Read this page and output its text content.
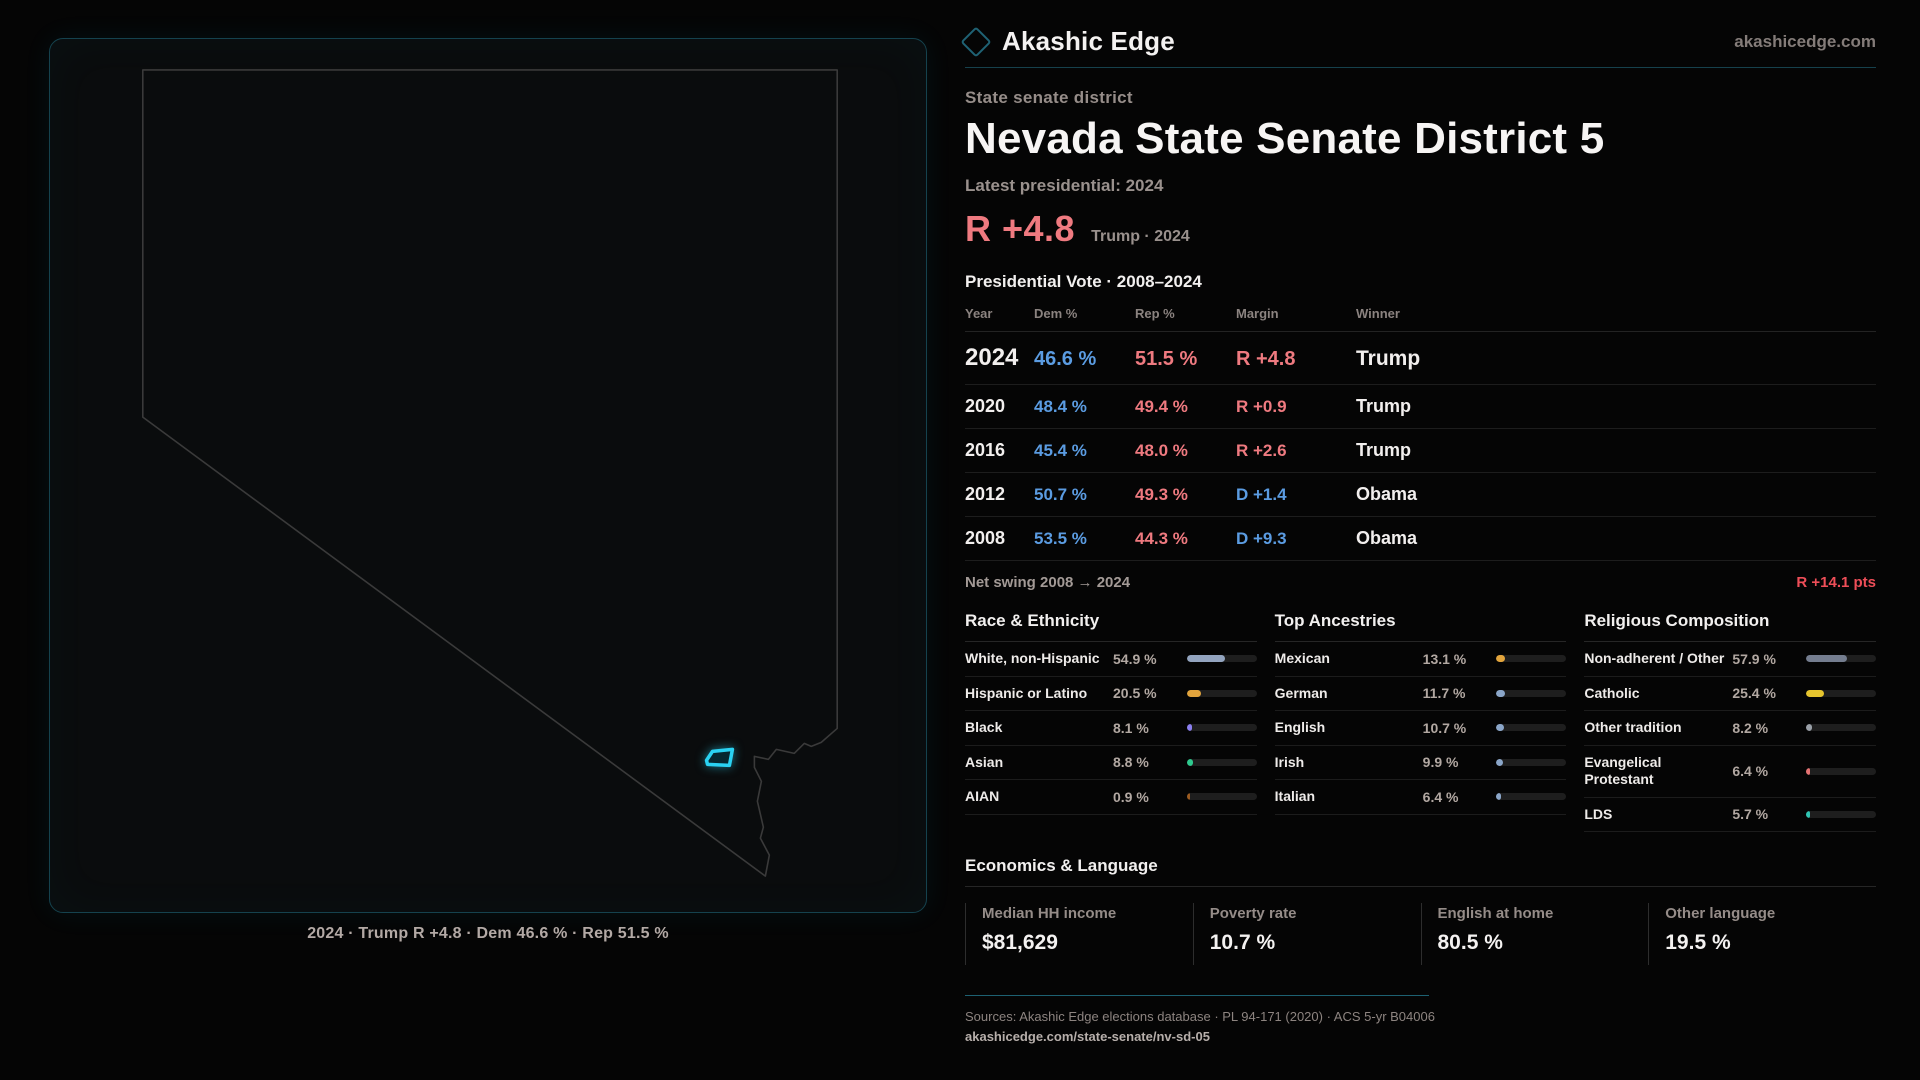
2024 · Trump R +4.8 · Dem 46.6 % · Rep 51.5 %
Akashic Edge	akashicedge.com
State senate district
Nevada State Senate District 5
Latest presidential: 2024
R +4.8 Trump · 2024
Presidential Vote · 2008–2024
Year	Dem %	Rep %	Margin	Winner
2024 46.6 %	51.5 %	R +4.8	Trump
2020	48.4 %	49.4 %	R +0.9	Trump
2016	45.4 %	48.0 %	R +2.6	Trump
2012	50.7 %	49.3 %	D +1.4	Obama
2008	53.5 %	44.3 %	D +9.3	Obama
Net swing 2008 → 2024	R +14.1 pts
Race & Ethnicity
White, non-Hispanic 54.9 %
Hispanic or Latino	20.5 %
Black	8.1 %
Asian	8.8 %
AIAN	0.9 %
Top Ancestries
Mexican	13.1 %
German	11.7 %
English	10.7 %
Irish	9.9 %
Italian	6.4 %
Religious Composition
Non-adherent / Other 57.9 %
Catholic	25.4 %
Other tradition	8.2 %
Evangelical Protestant	6.4 %
LDS	5.7 %
Economics & Language
Median HH income
$81,629
Poverty rate
10.7 %
English at home
80.5 %
Other language
19.5 %
Sources: Akashic Edge elections database · PL 94-171 (2020) · ACS 5-yr B04006
akashicedge.com/state-senate/nv-sd-05
